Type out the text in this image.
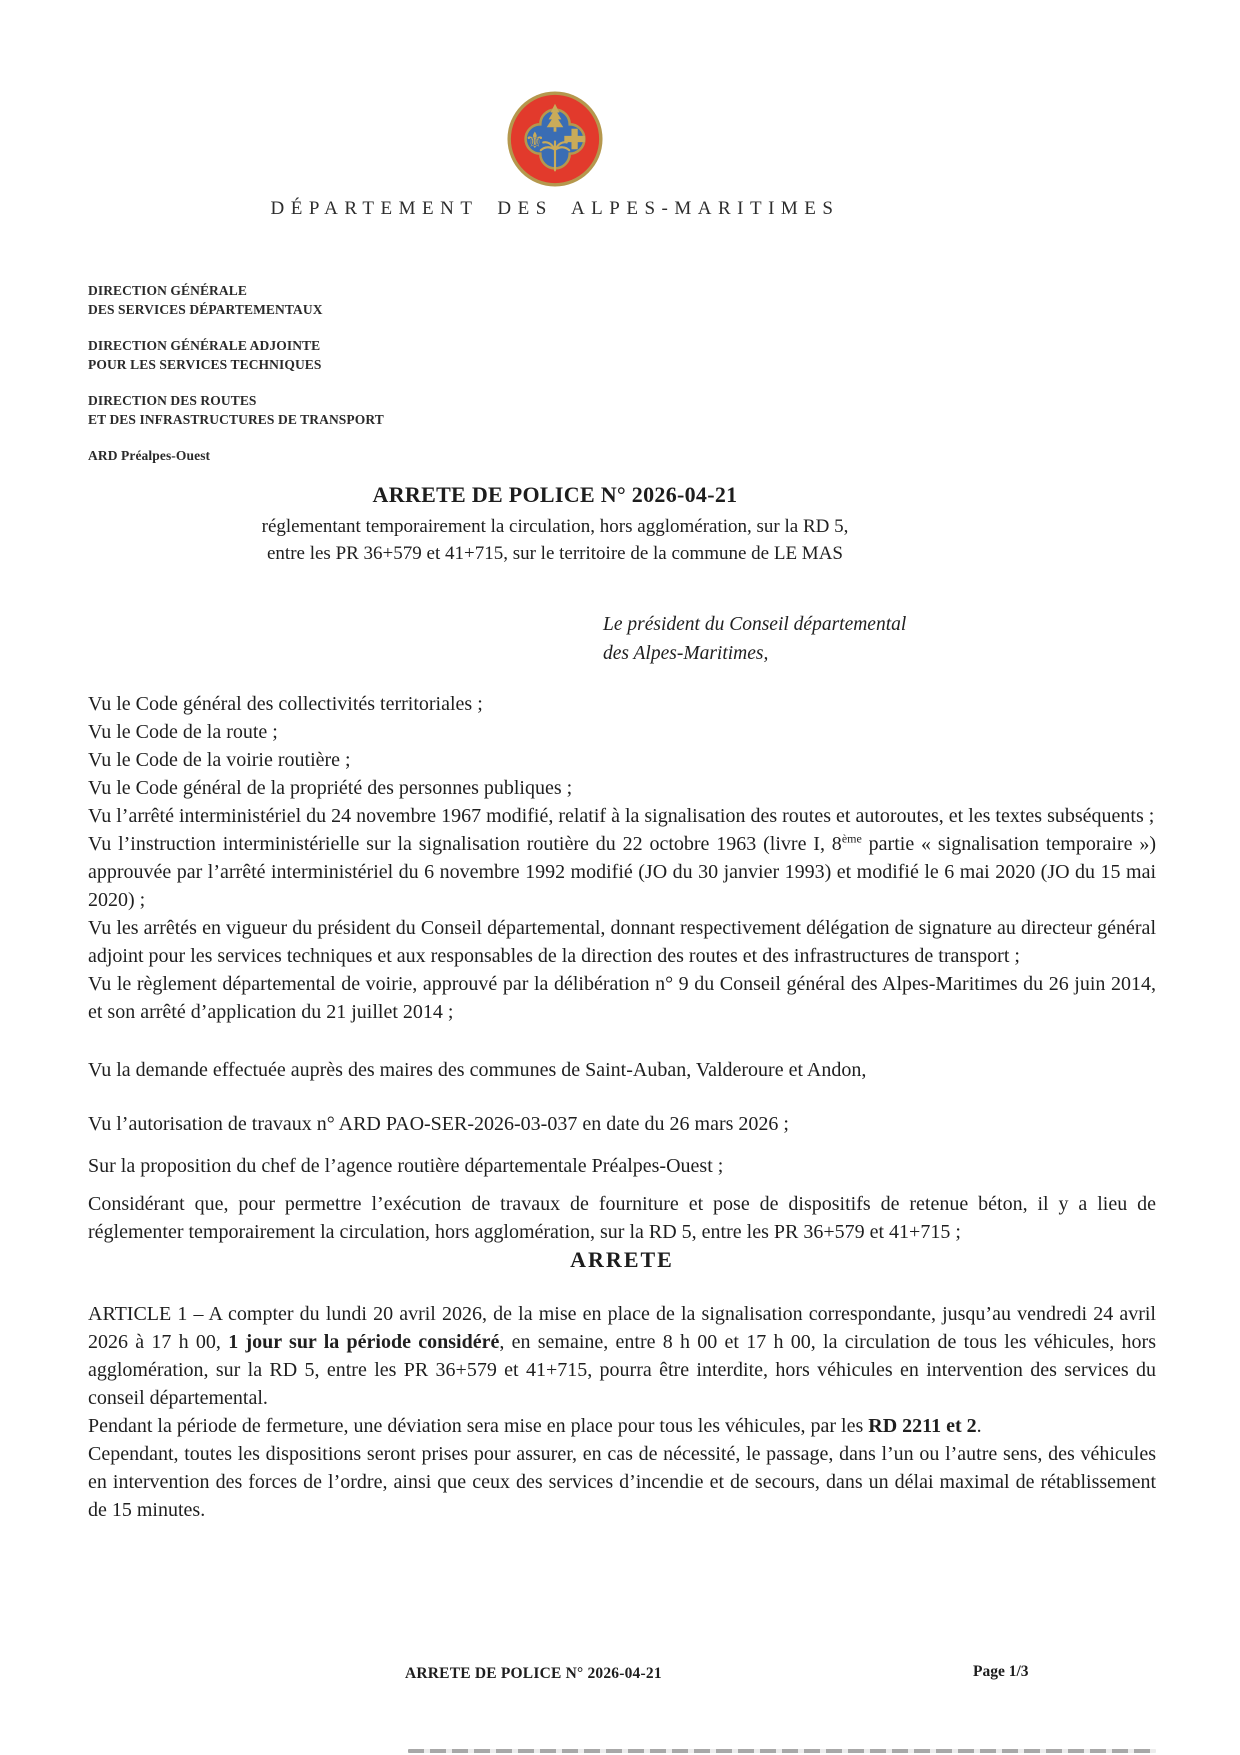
⚜
DÉPARTEMENT DES ALPES-MARITIMES
DIRECTION GÉNÉRALE
DES SERVICES DÉPARTEMENTAUX
DIRECTION GÉNÉRALE ADJOINTE
POUR LES SERVICES TECHNIQUES
DIRECTION DES ROUTES
ET DES INFRASTRUCTURES DE TRANSPORT
ARD Préalpes-Ouest
ARRETE DE POLICE N° 2026-04-21
réglementant temporairement la circulation, hors agglomération, sur la RD 5,
entre les PR 36+579 et 41+715, sur le territoire de la commune de LE MAS
Le président du Conseil départemental
des Alpes-Maritimes,

Vu le Code général des collectivités territoriales ;

Vu le Code de la route ;

Vu le Code de la voirie routière ;

Vu le Code général de la propriété des personnes publiques ;

Vu l’arrêté interministériel du 24 novembre 1967 modifié, relatif à la signalisation des routes et autoroutes, et les textes subséquents ;

Vu l’instruction interministérielle sur la signalisation routière du 22 octobre 1963 (livre I, 8ème partie « signalisation temporaire ») approuvée par l’arrêté interministériel du 6 novembre 1992 modifié (JO du 30 janvier 1993) et modifié le 6 mai 2020 (JO du 15 mai 2020) ;

Vu les arrêtés en vigueur du président du Conseil départemental, donnant respectivement délégation de signature au directeur général adjoint pour les services techniques et aux responsables de la direction des routes et des infrastructures de transport ;

Vu le règlement départemental de voirie, approuvé par la délibération n° 9 du Conseil général des Alpes-Maritimes du 26 juin 2014, et son arrêté d’application du 21 juillet 2014 ;

Vu la demande effectuée auprès des maires des communes de Saint-Auban, Valderoure et Andon,

Vu l’autorisation de travaux n° ARD PAO-SER-2026-03-037 en date du 26 mars 2026 ;

Sur la proposition du chef de l’agence routière départementale Préalpes-Ouest ;

Considérant que, pour permettre l’exécution de travaux de fourniture et pose de dispositifs de retenue béton, il y a lieu de réglementer temporairement la circulation, hors agglomération, sur la RD 5, entre les PR 36+579 et 41+715 ;

ARRETE

ARTICLE 1 – A compter du lundi 20 avril 2026, de la mise en place de la signalisation correspondante, jusqu’au vendredi 24 avril 2026 à 17 h 00, 1 jour sur la période considéré, en semaine, entre 8 h 00 et 17 h 00, la circulation de tous les véhicules, hors agglomération, sur la RD 5, entre les PR 36+579 et 41+715, pourra être interdite, hors véhicules en intervention des services du conseil départemental.

Pendant la période de fermeture, une déviation sera mise en place pour tous les véhicules, par les RD 2211 et 2.

Cependant, toutes les dispositions seront prises pour assurer, en cas de nécessité, le passage, dans l’un ou l’autre sens, des véhicules en intervention des forces de l’ordre, ainsi que ceux des services d’incendie et de secours, dans un délai maximal de rétablissement de 15 minutes.

ARRETE DE POLICE N° 2026-04-21	Page 1/3
